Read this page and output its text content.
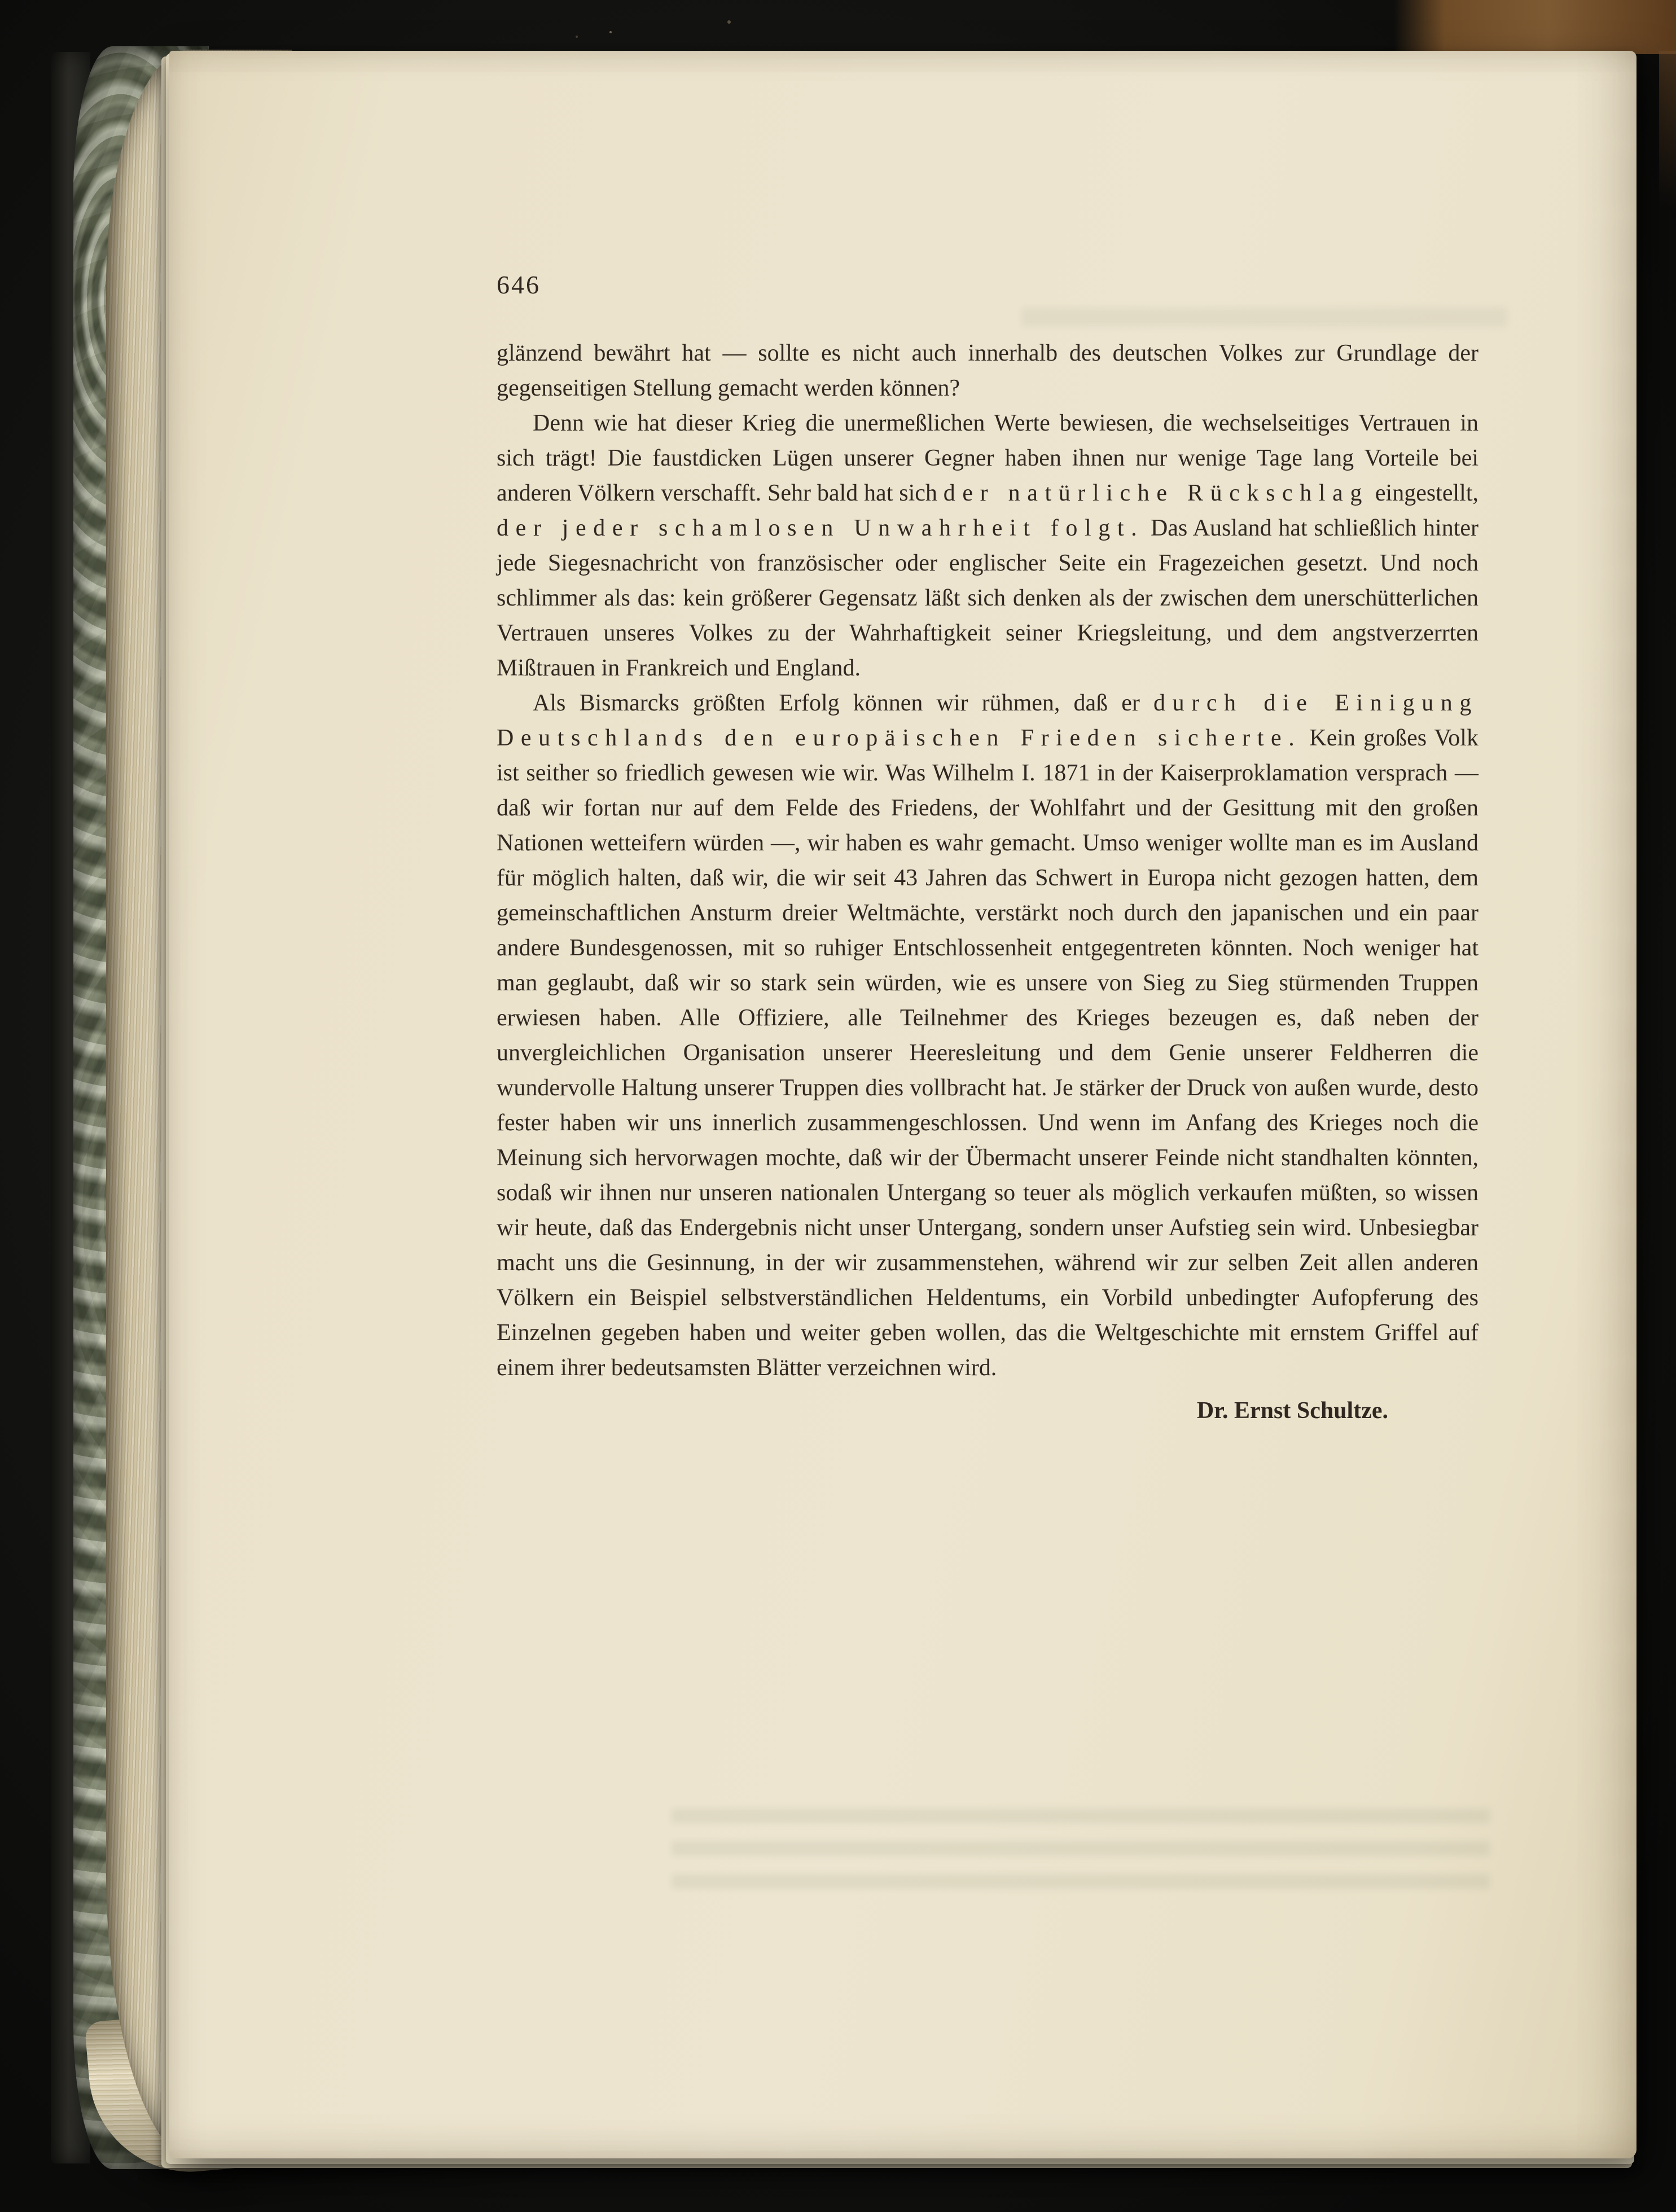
646

glänzend bewährt hat — sollte es nicht auch innerhalb des deutschen Volkes zur Grundlage der gegenseitigen Stellung gemacht werden können?

Denn wie hat dieser Krieg die unermeßlichen Werte bewiesen, die wechselseitiges Vertrauen in sich trägt! Die faustdicken Lügen unserer Gegner haben ihnen nur wenige Tage lang Vorteile bei anderen Völkern verschafft. Sehr bald hat sich der natürliche Rückschlag eingestellt, der jeder schamlosen Unwahrheit folgt. Das Ausland hat schließlich hinter jede Siegesnachricht von französischer oder englischer Seite ein Fragezeichen gesetzt. Und noch schlimmer als das: kein größerer Gegensatz läßt sich denken als der zwischen dem unerschütterlichen Vertrauen unseres Volkes zu der Wahrhaftigkeit seiner Kriegsleitung, und dem angstverzerrten Mißtrauen in Frankreich und England.

Als Bismarcks größten Erfolg können wir rühmen, daß er durch die Einigung Deutschlands den europäischen Frieden sicherte. Kein großes Volk ist seither so friedlich gewesen wie wir. Was Wilhelm I. 1871 in der Kaiserproklamation versprach — daß wir fortan nur auf dem Felde des Friedens, der Wohlfahrt und der Gesittung mit den großen Nationen wetteifern würden —, wir haben es wahr gemacht. Umso weniger wollte man es im Ausland für möglich halten, daß wir, die wir seit 43 Jahren das Schwert in Europa nicht gezogen hatten, dem gemeinschaftlichen Ansturm dreier Weltmächte, verstärkt noch durch den japanischen und ein paar andere Bundesgenossen, mit so ruhiger Entschlossenheit entgegentreten könnten. Noch weniger hat man geglaubt, daß wir so stark sein würden, wie es unsere von Sieg zu Sieg stürmenden Truppen erwiesen haben. Alle Offiziere, alle Teilnehmer des Krieges bezeugen es, daß neben der unvergleichlichen Organisation unserer Heeresleitung und dem Genie unserer Feldherren die wundervolle Haltung unserer Truppen dies vollbracht hat. Je stärker der Druck von außen wurde, desto fester haben wir uns innerlich zusammengeschlossen. Und wenn im Anfang des Krieges noch die Meinung sich hervorwagen mochte, daß wir der Übermacht unserer Feinde nicht standhalten könnten, sodaß wir ihnen nur unseren nationalen Untergang so teuer als möglich verkaufen müßten, so wissen wir heute, daß das Endergebnis nicht unser Untergang, sondern unser Aufstieg sein wird. Unbesiegbar macht uns die Gesinnung, in der wir zusammenstehen, während wir zur selben Zeit allen anderen Völkern ein Beispiel selbstverständlichen Heldentums, ein Vorbild unbedingter Aufopferung des Einzelnen gegeben haben und weiter geben wollen, das die Weltgeschichte mit ernstem Griffel auf einem ihrer bedeutsamsten Blätter verzeichnen wird.

Dr. Ernst Schultze.
